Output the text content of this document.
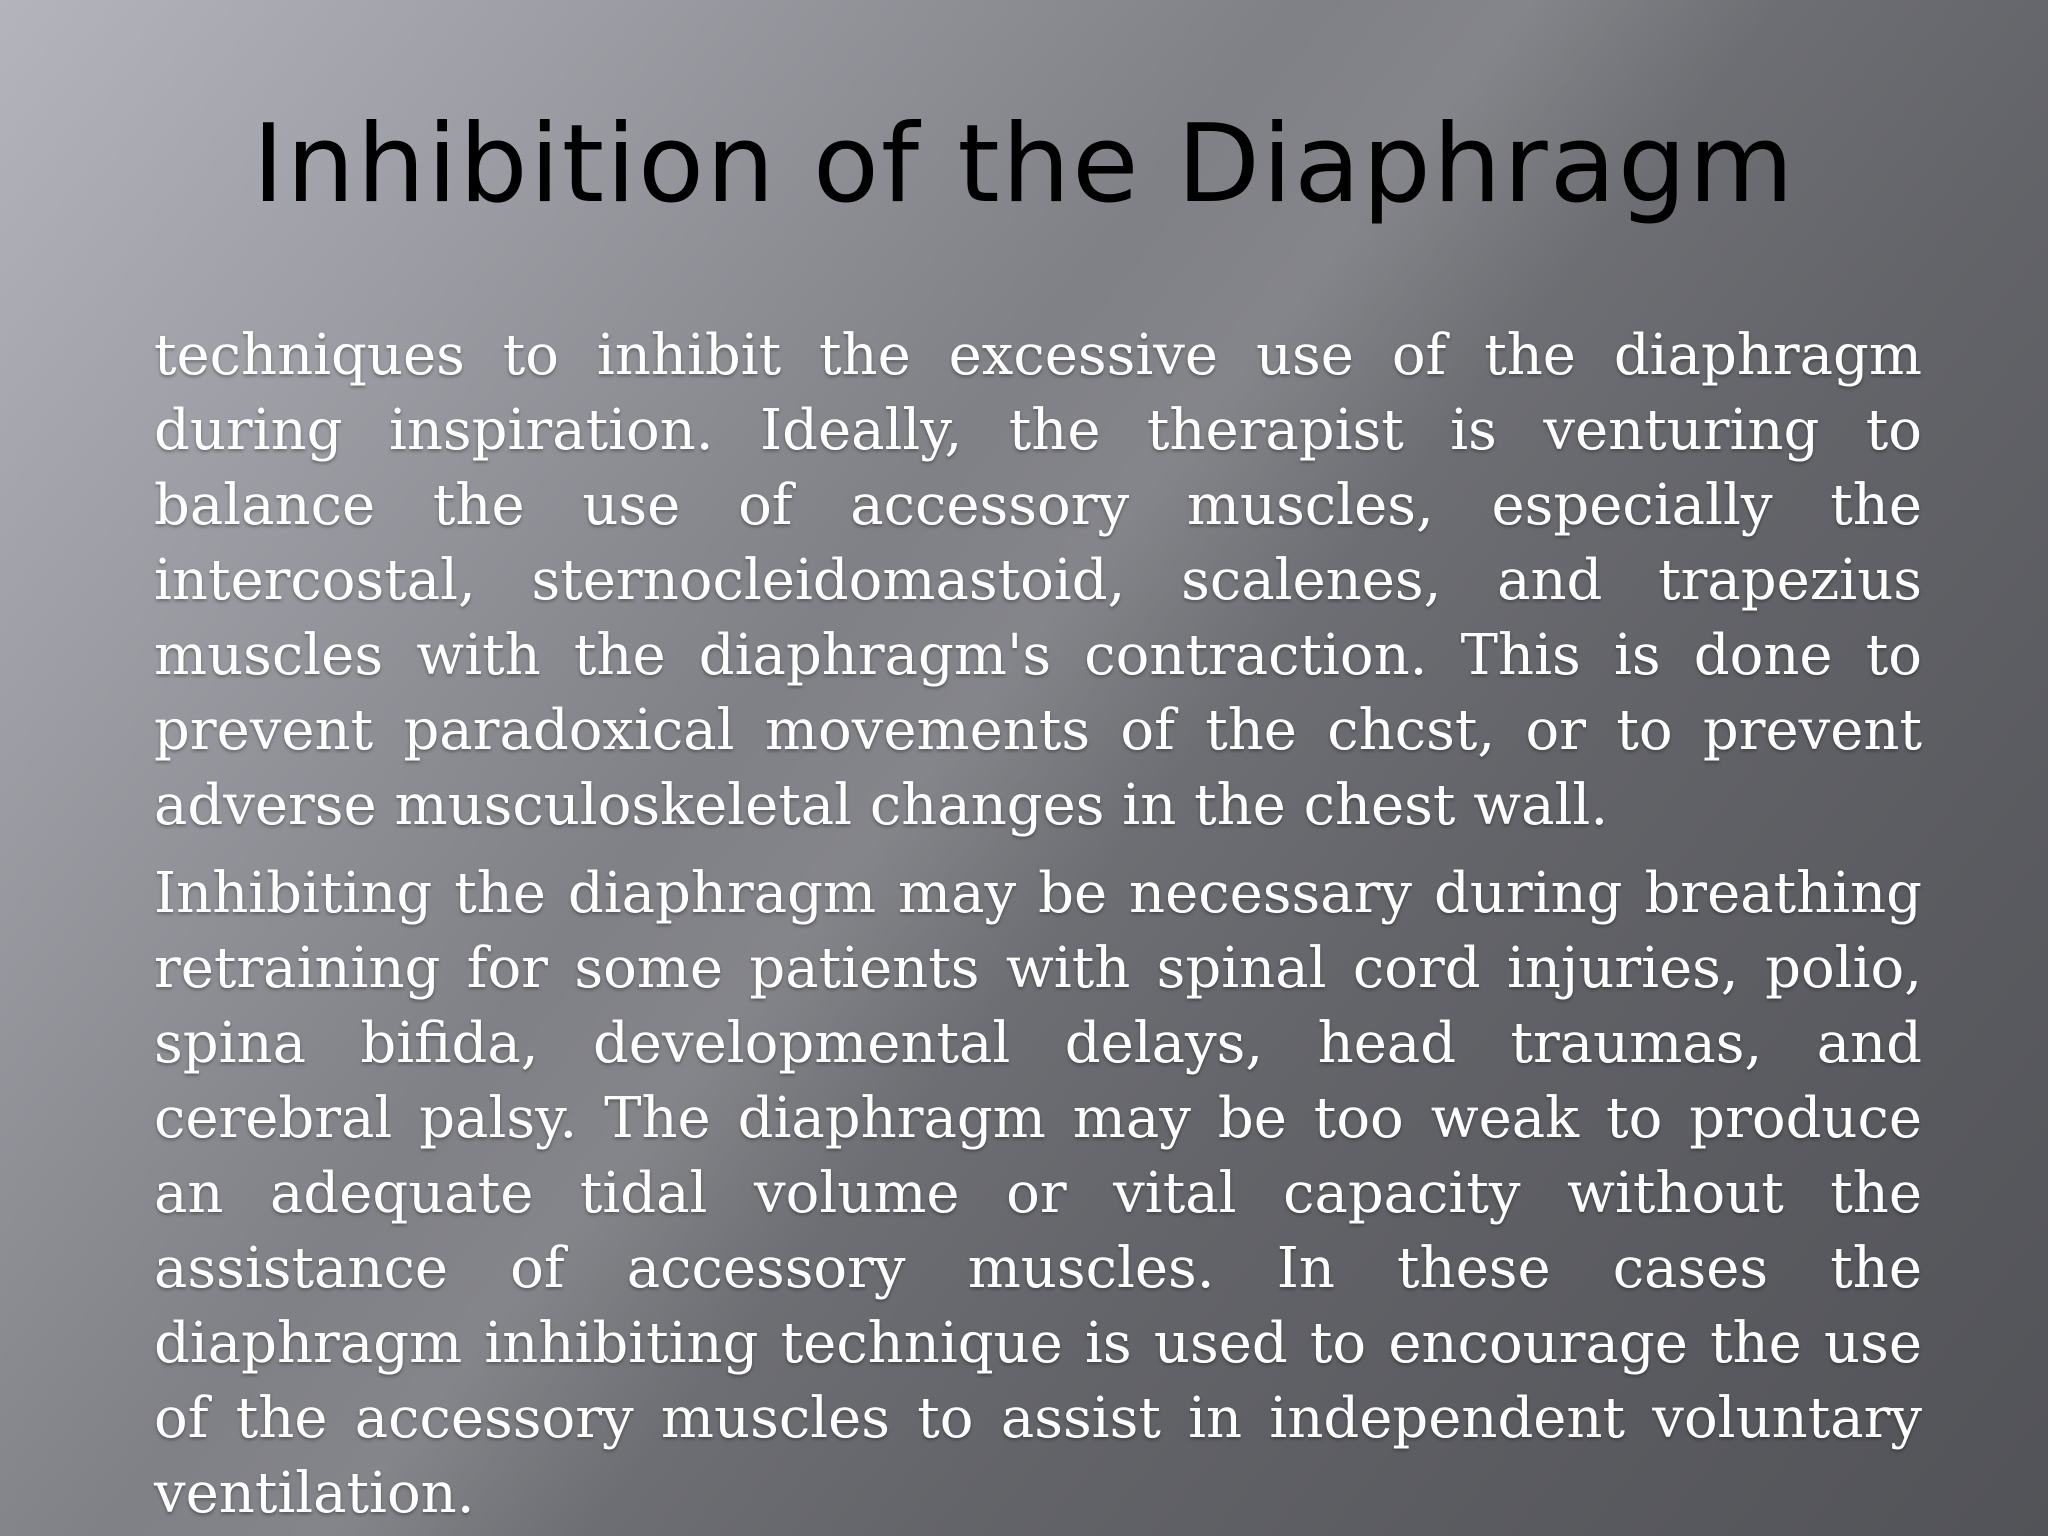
Inhibition of the Diaphragm

techniques to inhibit the excessive use of the diaphragm during inspiration. Ideally, the therapist is venturing to balance the use of accessory muscles, especially the intercostal, sternocleidomastoid, scalenes, and trapezius muscles with the diaphragm's contraction. This is done to prevent paradoxical movements of the chcst, or to prevent adverse musculoskeletal changes in the chest wall.

Inhibiting the diaphragm may be necessary during breathing retraining for some patients with spinal cord injuries, polio, spina bifida, developmental delays, head traumas, and cerebral palsy. The diaphragm may be too weak to produce an adequate tidal volume or vital capacity without the assistance of accessory muscles. In these cases the diaphragm inhibiting technique is used to encourage the use of the accessory muscles to assist in independent voluntary ventilation.
